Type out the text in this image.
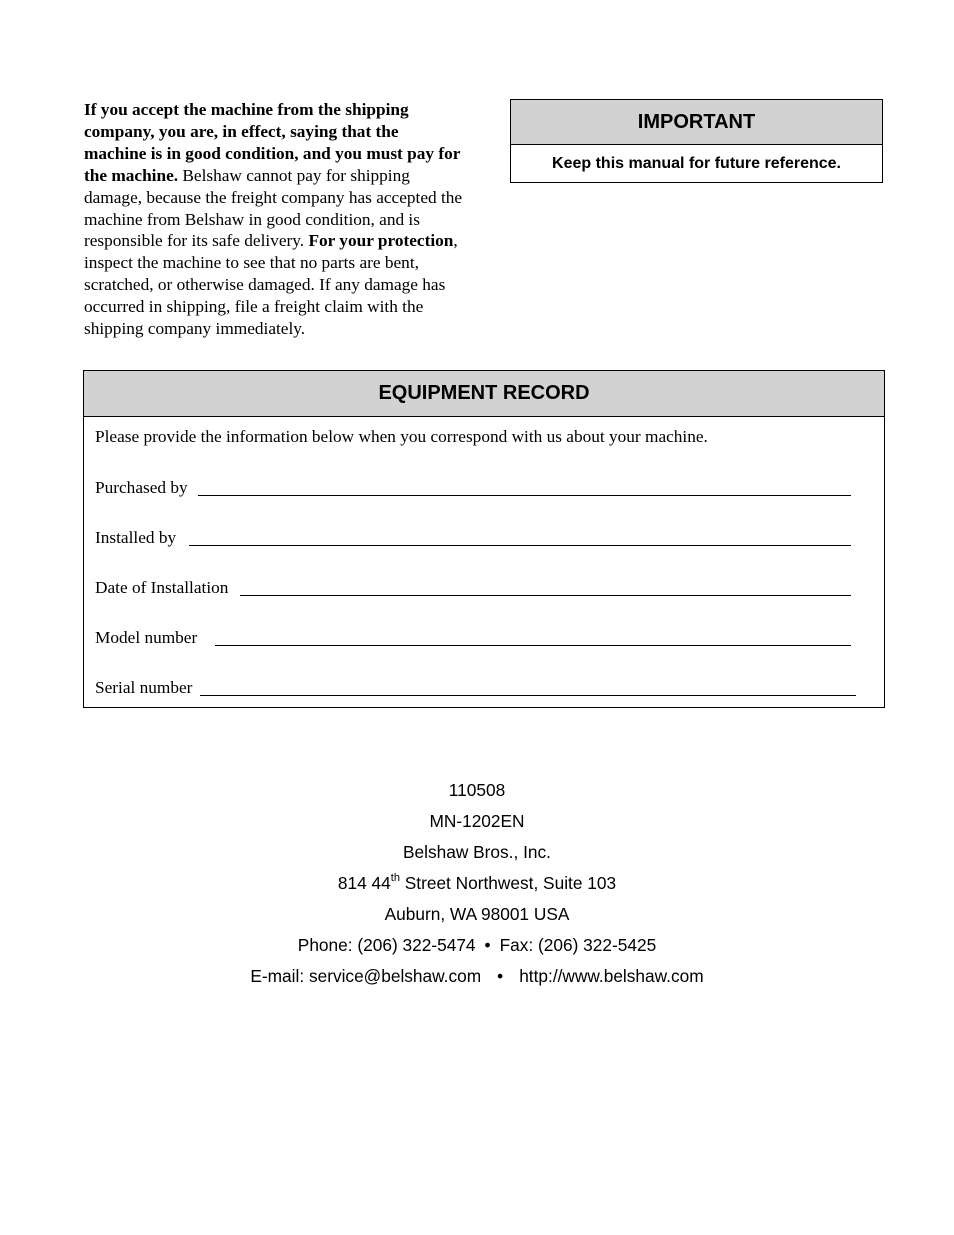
If you accept the machine from the shipping company, you are, in effect, saying that the machine is in good condition, and you must pay for the machine. Belshaw cannot pay for shipping damage, because the freight company has accepted the machine from Belshaw in good condition, and is responsible for its safe delivery. For your protection, inspect the machine to see that no parts are bent, scratched, or otherwise damaged. If any damage has occurred in shipping, file a freight claim with the shipping company immediately.

IMPORTANT
Keep this manual for future reference.
EQUIPMENT RECORD
Please provide the information below when you correspond with us about your machine.
Purchased by
Installed by
Date of Installation
Model number
Serial number
110508
MN-1202EN
Belshaw Bros., Inc.
814 44th Street Northwest, Suite 103
Auburn, WA 98001 USA
Phone: (206) 322-5474 • Fax: (206) 322-5425
E-mail: service@belshaw.com • http://www.belshaw.com
